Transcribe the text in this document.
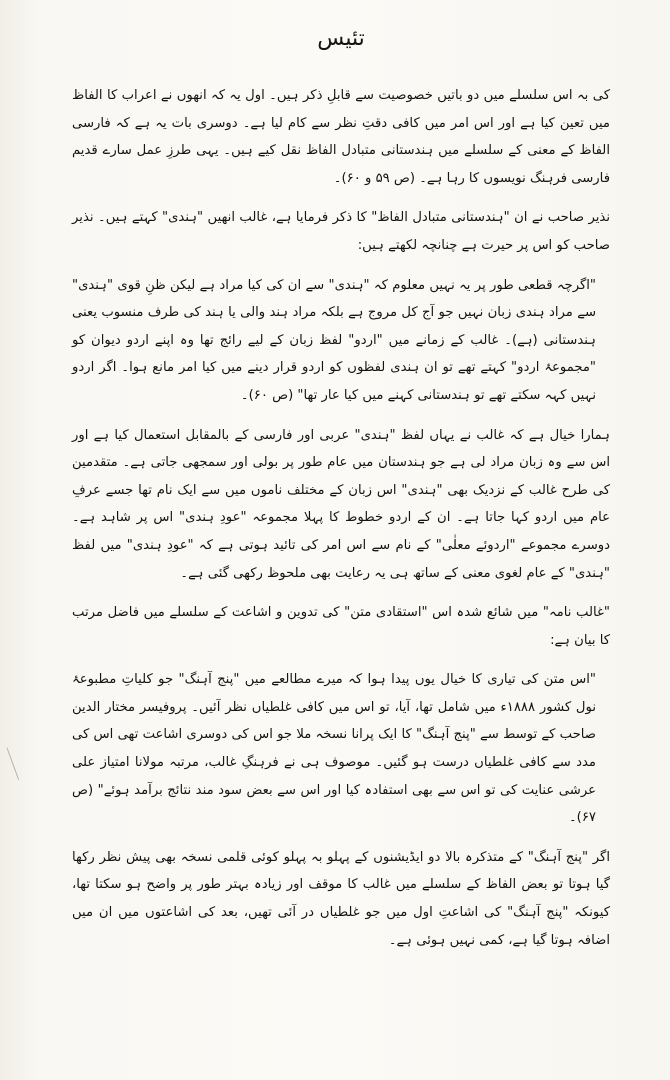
تئیس

کی بہ اس سلسلے میں دو باتیں خصوصیت سے قابلِ ذکر ہیں۔ اول یہ کہ انھوں نے اعراب کا الفاظ میں تعین کیا ہے اور اس امر میں کافی دقتِ نظر سے کام لیا ہے۔ دوسری بات یہ ہے کہ فارسی الفاظ کے معنی کے سلسلے میں ہندستانی متبادل الفاظ نقل کیے ہیں۔ یہی طرزِ عمل سارے قدیم فارسی فرہنگ نویسوں کا رہا ہے۔ (ص ۵۹ و ۶۰)۔

نذیر صاحب نے ان "ہندستانی متبادل الفاظ" کا ذکر فرمایا ہے، غالب انھیں "ہندی" کہتے ہیں۔ نذیر صاحب کو اس پر حیرت ہے چنانچہ لکھتے ہیں:

"اگرچہ قطعی طور پر یہ نہیں معلوم کہ "ہندی" سے ان کی کیا مراد ہے لیکن ظنِ قوی "ہندی" سے مراد ہندی زبان نہیں جو آج کل مروج ہے بلکہ مراد ہند والی یا ہند کی طرف منسوب یعنی ہندستانی (ہے)۔ غالب کے زمانے میں "اردو" لفظ زبان کے لیے رائج تھا وہ اپنے اردو دیوان کو "مجموعۂ اردو" کہتے تھے تو ان ہندی لفظوں کو اردو قرار دینے میں کیا امر مانع ہوا۔ اگر اردو نہیں کہہ سکتے تھے تو ہندستانی کہنے میں کیا عار تھا" (ص ۶۰)۔

ہمارا خیال ہے کہ غالب نے یہاں لفظ "ہندی" عربی اور فارسی کے بالمقابل استعمال کیا ہے اور اس سے وہ زبان مراد لی ہے جو ہندستان میں عام طور پر بولی اور سمجھی جاتی ہے۔ متقدمین کی طرح غالب کے نزدیک بھی "ہندی" اس زبان کے مختلف ناموں میں سے ایک نام تھا جسے عرفِ عام میں اردو کہا جاتا ہے۔ ان کے اردو خطوط کا پہلا مجموعہ "عودِ ہندی" اس پر شاہد ہے۔ دوسرے مجموعے "اردوئے معلٰی" کے نام سے اس امر کی تائید ہوتی ہے کہ "عودِ ہندی" میں لفظ "ہندی" کے عام لغوی معنی کے ساتھ ہی یہ رعایت بھی ملحوظ رکھی گئی ہے۔

"غالب نامہ" میں شائع شدہ اس "استقادی متن" کی تدوین و اشاعت کے سلسلے میں فاضل مرتب کا بیان ہے:

"اس متن کی تیاری کا خیال یوں پیدا ہوا کہ میرے مطالعے میں "پنج آہنگ" جو کلیاتِ مطبوعۂ نول کشور ۱۸۸۸ء میں شامل تھا، آیا، تو اس میں کافی غلطیاں نظر آئیں۔ پروفیسر مختار الدین صاحب کے توسط سے "پنج آہنگ" کا ایک پرانا نسخہ ملا جو اس کی دوسری اشاعت تھی اس کی مدد سے کافی غلطیاں درست ہو گئیں۔ موصوف ہی نے فرہنگِ غالب، مرتبہ مولانا امتیاز علی عرشی عنایت کی تو اس سے بھی استفادہ کیا اور اس سے بعض سود مند نتائج برآمد ہوئے" (ص ۶۷)۔

اگر "پنج آہنگ" کے متذکرہ بالا دو ایڈیشنوں کے پہلو بہ پہلو کوئی قلمی نسخہ بھی پیش نظر رکھا گیا ہوتا تو بعض الفاظ کے سلسلے میں غالب کا موقف اور زیادہ بہتر طور پر واضح ہو سکتا تھا، کیونکہ "پنج آہنگ" کی اشاعتِ اول میں جو غلطیاں در آئی تھیں، بعد کی اشاعتوں میں ان میں اضافہ ہوتا گیا ہے، کمی نہیں ہوئی ہے۔
